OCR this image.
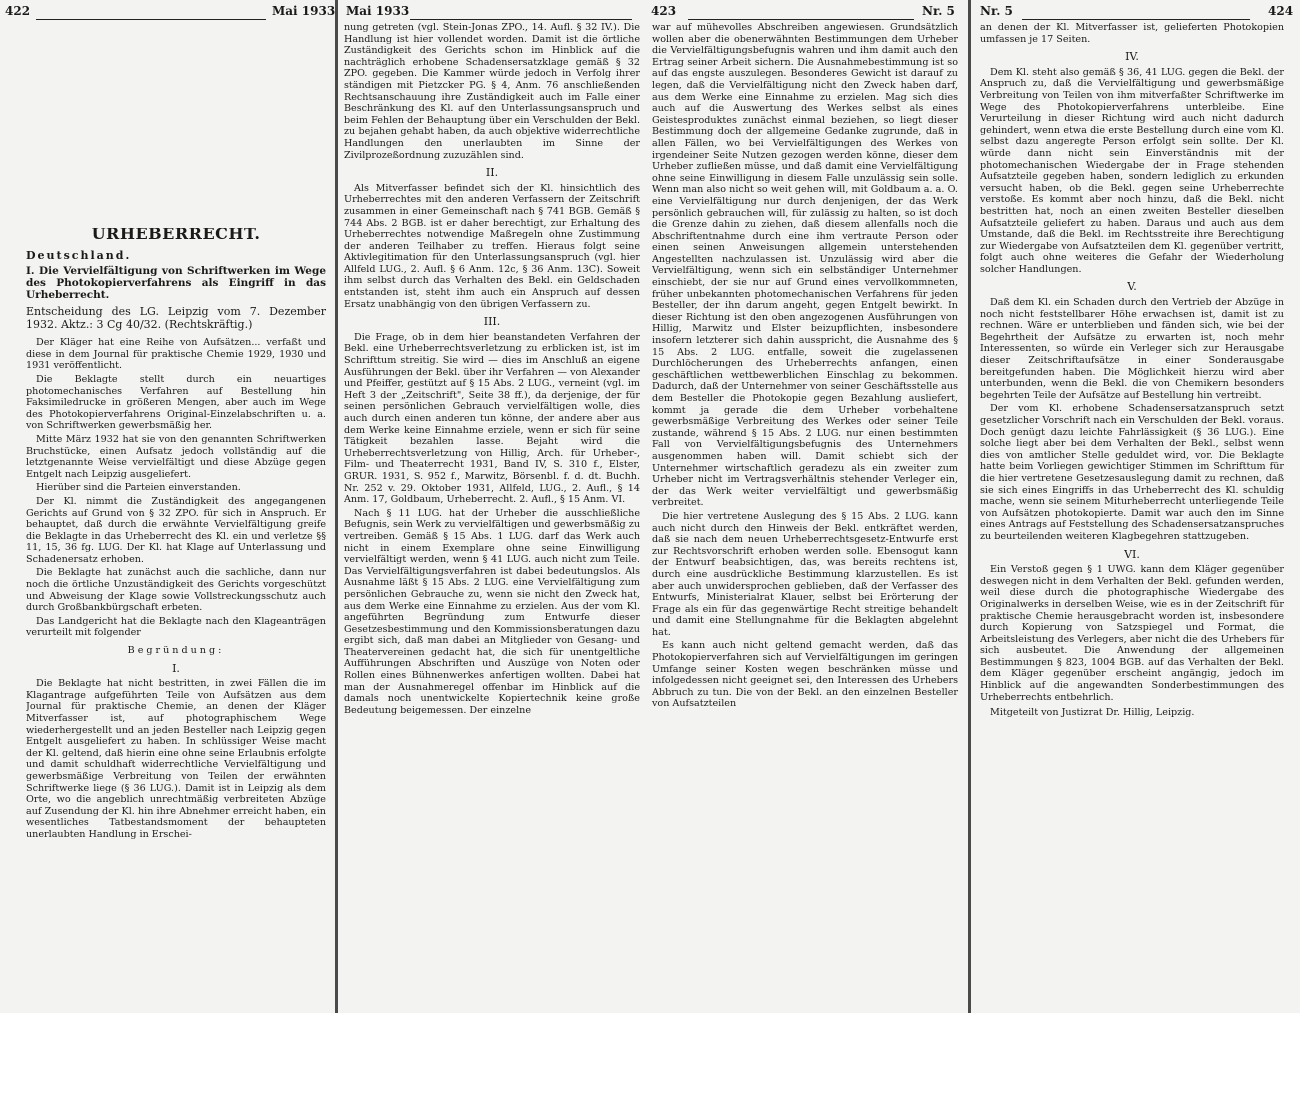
422	Mai 1933 Mai 1933	423	Nr. 5 Nr. 5	424
URHEBERRECHT.
Deutschland.
I. Die Vervielfältigung von Schriftwerken im Wege des Photokopierverfahrens als Eingriff in das Urheberrecht.
Entscheidung des LG. Leipzig vom 7. Dezember 1932. Aktz.: 3 Cg 40/32. (Rechtskräftig.)

Der Kläger hat eine Reihe von Aufsätzen... verfaßt und diese in dem Journal für praktische Chemie 1929, 1930 und 1931 veröffentlicht.

Die Beklagte stellt durch ein neuartiges photomechanisches Verfahren auf Bestellung hin Faksimiledrucke in größeren Mengen, aber auch im Wege des Photokopierverfahrens Original-Einzelabschriften u. a. von Schriftwerken gewerbsmäßig her.

Mitte März 1932 hat sie von den genannten Schriftwerken Bruchstücke, einen Aufsatz jedoch vollständig auf die letztgenannte Weise vervielfältigt und diese Abzüge gegen Entgelt nach Leipzig ausgeliefert.

Hierüber sind die Parteien einverstanden.

Der Kl. nimmt die Zuständigkeit des angegangenen Gerichts auf Grund von § 32 ZPO. für sich in Anspruch. Er behauptet, daß durch die erwähnte Vervielfältigung greife die Beklagte in das Urheberrecht des Kl. ein und verletze §§ 11, 15, 36 fg. LUG. Der Kl. hat Klage auf Unterlassung und Schadenersatz erhoben.

Die Beklagte hat zunächst auch die sachliche, dann nur noch die örtliche Unzuständigkeit des Gerichts vorgeschützt und Abweisung der Klage sowie Vollstreckungsschutz auch durch Großbankbürgschaft erbeten.

Das Landgericht hat die Beklagte nach den Klageanträgen verurteilt mit folgender

Begründung:
I.

Die Beklagte hat nicht bestritten, in zwei Fällen die im Klagantrage aufgeführten Teile von Aufsätzen aus dem Journal für praktische Chemie, an denen der Kläger Mitverfasser ist, auf photographischem Wege wiederhergestellt und an jeden Besteller nach Leipzig gegen Entgelt ausgeliefert zu haben. In schlüssiger Weise macht der Kl. geltend, daß hierin eine ohne seine Erlaubnis erfolgte und damit schuldhaft widerrechtliche Vervielfältigung und gewerbsmäßige Verbreitung von Teilen der erwähnten Schriftwerke liege (§ 36 LUG.). Damit ist in Leipzig als dem Orte, wo die angeblich unrechtmäßig verbreiteten Abzüge auf Zusendung der Kl. hin ihre Abnehmer erreicht haben, ein wesentliches Tatbestandsmoment der behaupteten unerlaubten Handlung in Erschei-

nung getreten (vgl. Stein-Jonas ZPO., 14. Aufl. § 32 IV.). Die Handlung ist hier vollendet worden. Damit ist die örtliche Zuständigkeit des Gerichts schon im Hinblick auf die nachträglich erhobene Schadensersatzklage gemäß § 32 ZPO. gegeben. Die Kammer würde jedoch in Verfolg ihrer ständigen mit Pietzcker PG. § 4, Anm. 76 anschließenden Rechtsanschauung ihre Zuständigkeit auch im Falle einer Beschränkung des Kl. auf den Unterlassungsanspruch und beim Fehlen der Behauptung über ein Verschulden der Bekl. zu bejahen gehabt haben, da auch objektive widerrechtliche Handlungen den unerlaubten im Sinne der Zivilprozeßordnung zuzuzählen sind.

II.

Als Mitverfasser befindet sich der Kl. hinsichtlich des Urheberrechtes mit den anderen Verfassern der Zeitschrift zusammen in einer Gemeinschaft nach § 741 BGB. Gemäß § 744 Abs. 2 BGB. ist er daher berechtigt, zur Erhaltung des Urheberrechtes notwendige Maßregeln ohne Zustimmung der anderen Teilhaber zu treffen. Hieraus folgt seine Aktivlegitimation für den Unterlassungsanspruch (vgl. hier Allfeld LUG., 2. Aufl. § 6 Anm. 12c, § 36 Anm. 13C). Soweit ihm selbst durch das Verhalten des Bekl. ein Geldschaden entstanden ist, steht ihm auch ein Anspruch auf dessen Ersatz unabhängig von den übrigen Verfassern zu.

III.

Die Frage, ob in dem hier beanstandeten Verfahren der Bekl. eine Urheberrechtsverletzung zu erblicken ist, ist im Schrifttum streitig. Sie wird — dies im Anschluß an eigene Ausführungen der Bekl. über ihr Verfahren — von Alexander und Pfeiffer, gestützt auf § 15 Abs. 2 LUG., verneint (vgl. im Heft 3 der „Zeitschrift", Seite 38 ff.), da derjenige, der für seinen persönlichen Gebrauch vervielfältigen wolle, dies auch durch einen anderen tun könne, der andere aber aus dem Werke keine Einnahme erziele, wenn er sich für seine Tätigkeit bezahlen lasse. Bejaht wird die Urheberrechtsverletzung von Hillig, Arch. für Urheber-, Film- und Theaterrecht 1931, Band IV, S. 310 f., Elster, GRUR. 1931, S. 952 f., Marwitz, Börsenbl. f. d. dt. Buchh. Nr. 252 v. 29. Oktober 1931, Allfeld, LUG., 2. Aufl., § 14 Anm. 17, Goldbaum, Urheberrecht. 2. Aufl., § 15 Anm. VI.

Nach § 11 LUG. hat der Urheber die ausschließliche Befugnis, sein Werk zu vervielfältigen und gewerbsmäßig zu vertreiben. Gemäß § 15 Abs. 1 LUG. darf das Werk auch nicht in einem Exemplare ohne seine Einwilligung vervielfältigt werden, wenn § 41 LUG. auch nicht zum Teile. Das Vervielfältigungsverfahren ist dabei bedeutungslos. Als Ausnahme läßt § 15 Abs. 2 LUG. eine Vervielfältigung zum persönlichen Gebrauche zu, wenn sie nicht den Zweck hat, aus dem Werke eine Einnahme zu erzielen. Aus der vom Kl. angeführten Begründung zum Entwurfe dieser Gesetzesbestimmung und den Kommissionsberatungen dazu ergibt sich, daß man dabei an Mitglieder von Gesang- und Theatervereinen gedacht hat, die sich für unentgeltliche Aufführungen Abschriften und Auszüge von Noten oder Rollen eines Bühnenwerkes anfertigen wollten. Dabei hat man der Ausnahmeregel offenbar im Hinblick auf die damals noch unentwickelte Kopiertechnik keine große Bedeutung beigemessen. Der einzelne

war auf mühevolles Abschreiben angewiesen. Grundsätzlich wollen aber die obenerwähnten Bestimmungen dem Urheber die Vervielfältigungsbefugnis wahren und ihm damit auch den Ertrag seiner Arbeit sichern. Die Ausnahmebestimmung ist so auf das engste auszulegen. Besonderes Gewicht ist darauf zu legen, daß die Vervielfältigung nicht den Zweck haben darf, aus dem Werke eine Einnahme zu erzielen. Mag sich dies auch auf die Auswertung des Werkes selbst als eines Geistesproduktes zunächst einmal beziehen, so liegt dieser Bestimmung doch der allgemeine Gedanke zugrunde, daß in allen Fällen, wo bei Vervielfältigungen des Werkes von irgendeiner Seite Nutzen gezogen werden könne, dieser dem Urheber zufließen müsse, und daß damit eine Vervielfältigung ohne seine Einwilligung in diesem Falle unzulässig sein solle. Wenn man also nicht so weit gehen will, mit Goldbaum a. a. O. eine Vervielfältigung nur durch denjenigen, der das Werk persönlich gebrauchen will, für zulässig zu halten, so ist doch die Grenze dahin zu ziehen, daß diesem allenfalls noch die Abschriftentnahme durch eine ihm vertraute Person oder einen seinen Anweisungen allgemein unterstehenden Angestellten nachzulassen ist. Unzulässig wird aber die Vervielfältigung, wenn sich ein selbständiger Unternehmer einschiebt, der sie nur auf Grund eines vervollkommneten, früher unbekannten photomechanischen Verfahrens für jeden Besteller, der ihn darum angeht, gegen Entgelt bewirkt. In dieser Richtung ist den oben angezogenen Ausführungen von Hillig, Marwitz und Elster beizupflichten, insbesondere insofern letzterer sich dahin ausspricht, die Ausnahme des § 15 Abs. 2 LUG. entfalle, soweit die zugelassenen Durchlöcherungen des Urheberrechts anfangen, einen geschäftlichen wettbewerblichen Einschlag zu bekommen. Dadurch, daß der Unternehmer von seiner Geschäftsstelle aus dem Besteller die Photokopie gegen Bezahlung ausliefert, kommt ja gerade die dem Urheber vorbehaltene gewerbsmäßige Verbreitung des Werkes oder seiner Teile zustande, während § 15 Abs. 2 LUG. nur einen bestimmten Fall von Vervielfältigungsbefugnis des Unternehmers ausgenommen haben will. Damit schiebt sich der Unternehmer wirtschaftlich geradezu als ein zweiter zum Urheber nicht im Vertragsverhältnis stehender Verleger ein, der das Werk weiter vervielfältigt und gewerbsmäßig verbreitet.

Die hier vertretene Auslegung des § 15 Abs. 2 LUG. kann auch nicht durch den Hinweis der Bekl. entkräftet werden, daß sie nach dem neuen Urheberrechtsgesetz-Entwurfe erst zur Rechtsvorschrift erhoben werden solle. Ebensogut kann der Entwurf beabsichtigen, das, was bereits rechtens ist, durch eine ausdrückliche Bestimmung klarzustellen. Es ist aber auch unwidersprochen geblieben, daß der Verfasser des Entwurfs, Ministerialrat Klauer, selbst bei Erörterung der Frage als ein für das gegenwärtige Recht streitige behandelt und damit eine Stellungnahme für die Beklagten abgelehnt hat.

Es kann auch nicht geltend gemacht werden, daß das Photokopierverfahren sich auf Vervielfältigungen im geringen Umfange seiner Kosten wegen beschränken müsse und infolgedessen nicht geeignet sei, den Interessen des Urhebers Abbruch zu tun. Die von der Bekl. an den einzelnen Besteller von Aufsatzteilen

an denen der Kl. Mitverfasser ist, gelieferten Photokopien umfassen je 17 Seiten.

IV.

Dem Kl. steht also gemäß § 36, 41 LUG. gegen die Bekl. der Anspruch zu, daß die Vervielfältigung und gewerbsmäßige Verbreitung von Teilen von ihm mitverfaßter Schriftwerke im Wege des Photokopierverfahrens unterbleibe. Eine Verurteilung in dieser Richtung wird auch nicht dadurch gehindert, wenn etwa die erste Bestellung durch eine vom Kl. selbst dazu angeregte Person erfolgt sein sollte. Der Kl. würde dann nicht sein Einverständnis mit der photomechanischen Wiedergabe der in Frage stehenden Aufsatzteile gegeben haben, sondern lediglich zu erkunden versucht haben, ob die Bekl. gegen seine Urheberrechte verstoße. Es kommt aber noch hinzu, daß die Bekl. nicht bestritten hat, noch an einen zweiten Besteller dieselben Aufsatzteile geliefert zu haben. Daraus und auch aus dem Umstande, daß die Bekl. im Rechtsstreite ihre Berechtigung zur Wiedergabe von Aufsatzteilen dem Kl. gegenüber vertritt, folgt auch ohne weiteres die Gefahr der Wiederholung solcher Handlungen.

V.

Daß dem Kl. ein Schaden durch den Vertrieb der Abzüge in noch nicht feststellbarer Höhe erwachsen ist, damit ist zu rechnen. Wäre er unterblieben und fänden sich, wie bei der Begehrtheit der Aufsätze zu erwarten ist, noch mehr Interessenten, so würde ein Verleger sich zur Herausgabe dieser Zeitschriftaufsätze in einer Sonderausgabe bereitgefunden haben. Die Möglichkeit hierzu wird aber unterbunden, wenn die Bekl. die von Chemikern besonders begehrten Teile der Aufsätze auf Bestellung hin vertreibt.

Der vom Kl. erhobene Schadensersatzanspruch setzt gesetzlicher Vorschrift nach ein Verschulden der Bekl. voraus. Doch genügt dazu leichte Fahrlässigkeit (§ 36 LUG.). Eine solche liegt aber bei dem Verhalten der Bekl., selbst wenn dies von amtlicher Stelle geduldet wird, vor. Die Beklagte hatte beim Vorliegen gewichtiger Stimmen im Schrifttum für die hier vertretene Gesetzesauslegung damit zu rechnen, daß sie sich eines Eingriffs in das Urheberrecht des Kl. schuldig mache, wenn sie seinem Miturheberrecht unterliegende Teile von Aufsätzen photokopierte. Damit war auch den im Sinne eines Antrags auf Feststellung des Schadensersatzanspruches zu beurteilenden weiteren Klagbegehren stattzugeben.

VI.

Ein Verstoß gegen § 1 UWG. kann dem Kläger gegenüber deswegen nicht in dem Verhalten der Bekl. gefunden werden, weil diese durch die photographische Wiedergabe des Originalwerks in derselben Weise, wie es in der Zeitschrift für praktische Chemie herausgebracht worden ist, insbesondere durch Kopierung von Satzspiegel und Format, die Arbeitsleistung des Verlegers, aber nicht die des Urhebers für sich ausbeutet. Die Anwendung der allgemeinen Bestimmungen § 823, 1004 BGB. auf das Verhalten der Bekl. dem Kläger gegenüber erscheint angängig, jedoch im Hinblick auf die angewandten Sonderbestimmungen des Urheberrechts entbehrlich.

Mitgeteilt von Justizrat Dr. Hillig, Leipzig.
